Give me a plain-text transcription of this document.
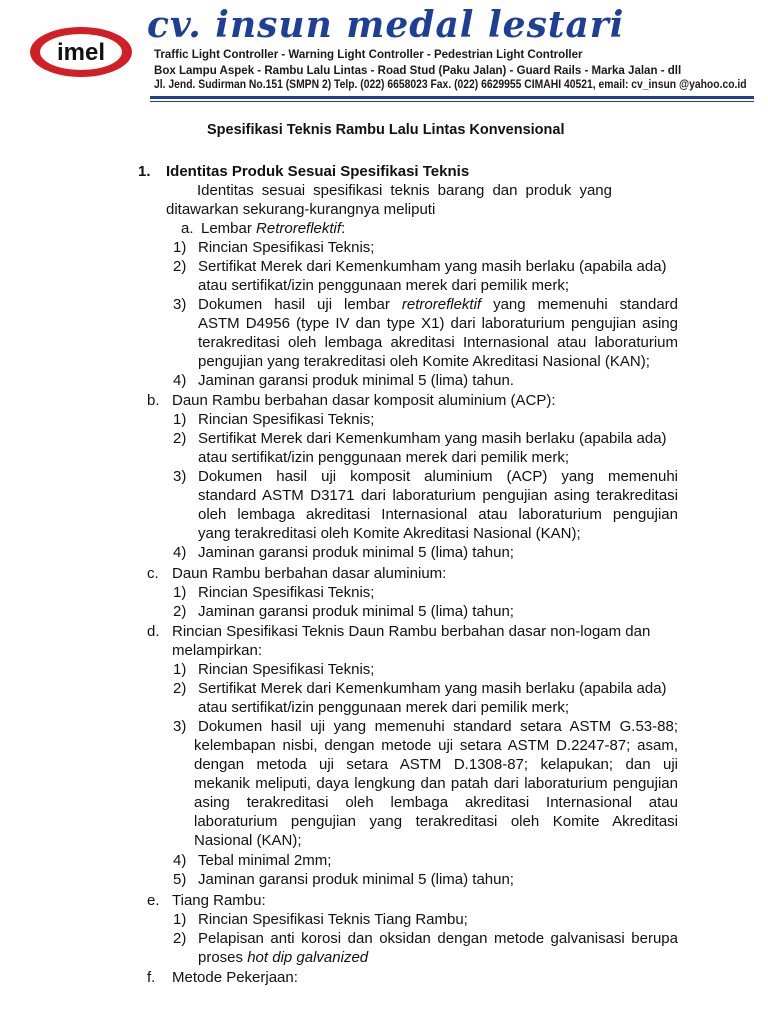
imel
cv. insun medal lestari
Traffic Light Controller - Warning Light Controller - Pedestrian Light Controller
Box Lampu Aspek - Rambu Lalu Lintas - Road Stud (Paku Jalan) - Guard Rails - Marka Jalan - dll
Jl. Jend. Sudirman No.151 (SMPN 2) Telp. (022) 6658023 Fax. (022) 6629955 CIMAHI 40521, email: cv_insun @yahoo.co.id
Spesifikasi Teknis Rambu Lalu Lintas Konvensional
1. Identitas Produk Sesuai Spesifikasi Teknis
Identitas sesuai spesifikasi teknis barang dan produk yang
ditawarkan sekurang-kurangnya meliputi
a. Lembar Retroreflektif:
1) Rincian Spesifikasi Teknis;
2) Sertifikat Merek dari Kemenkumham yang masih berlaku (apabila ada)
atau sertifikat/izin penggunaan merek dari pemilik merk;
3) Dokumen hasil uji lembar retroreflektif yang memenuhi standard
ASTM D4956 (type IV dan type X1) dari laboraturium pengujian asing
terakreditasi oleh lembaga akreditasi Internasional atau laboraturium
pengujian yang terakreditasi oleh Komite Akreditasi Nasional (KAN);
4) Jaminan garansi produk minimal 5 (lima) tahun.
b. Daun Rambu berbahan dasar komposit aluminium (ACP):
1) Rincian Spesifikasi Teknis;
2) Sertifikat Merek dari Kemenkumham yang masih berlaku (apabila ada)
atau sertifikat/izin penggunaan merek dari pemilik merk;
3) Dokumen hasil uji komposit aluminium (ACP) yang memenuhi
standard ASTM D3171 dari laboraturium pengujian asing terakreditasi
oleh lembaga akreditasi Internasional atau laboraturium pengujian
yang terakreditasi oleh Komite Akreditasi Nasional (KAN);
4) Jaminan garansi produk minimal 5 (lima) tahun;
c. Daun Rambu berbahan dasar aluminium:
1) Rincian Spesifikasi Teknis;
2) Jaminan garansi produk minimal 5 (lima) tahun;
d. Rincian Spesifikasi Teknis Daun Rambu berbahan dasar non-logam dan
melampirkan:
1) Rincian Spesifikasi Teknis;
2) Sertifikat Merek dari Kemenkumham yang masih berlaku (apabila ada)
atau sertifikat/izin penggunaan merek dari pemilik merk;
3) Dokumen hasil uji yang memenuhi standard setara ASTM G.53-88;
kelembapan nisbi, dengan metode uji setara ASTM D.2247-87; asam,
dengan metoda uji setara ASTM D.1308-87; kelapukan; dan uji
mekanik meliputi, daya lengkung dan patah dari laboraturium pengujian
asing terakreditasi oleh lembaga akreditasi Internasional atau
laboraturium pengujian yang terakreditasi oleh Komite Akreditasi
Nasional (KAN);
4) Tebal minimal 2mm;
5) Jaminan garansi produk minimal 5 (lima) tahun;
e. Tiang Rambu:
1) Rincian Spesifikasi Teknis Tiang Rambu;
2) Pelapisan anti korosi dan oksidan dengan metode galvanisasi berupa
proses hot dip galvanized
f. Metode Pekerjaan:
